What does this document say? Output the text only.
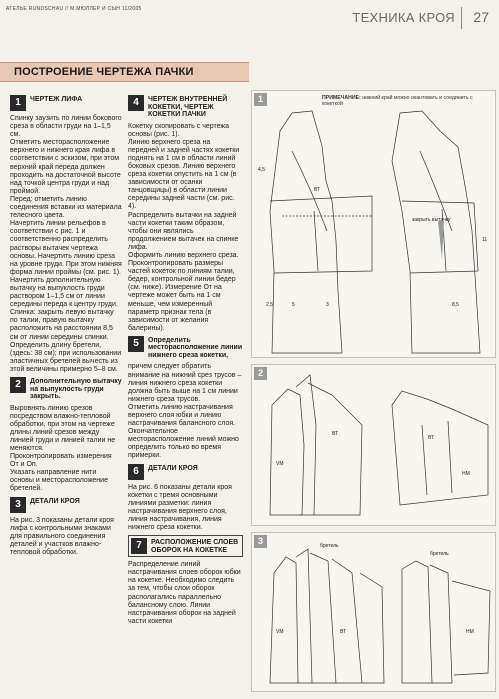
АТЕЛЬЕ RUNDSCHAU // М.МЮЛЛЕР И СЫН 11/2005
ТЕХНИКА КРОЯ 27
ПОСТРОЕНИЕ ЧЕРТЕЖА ПАЧКИ
1	ЧЕРТЕЖ ЛИФА

Спинку заузить по линии бокового среза в области груди на 1–1,5 см.

Отметить месторасположение верхнего и нижнего края лифа в соответствии с эскизом, при этом верхний край переда должен проходить на достаточной высоте над точкой центра груди и над проймой.

Перед: отметить линию соединения вставки из материала телесного цвета.

Начертить линии рельефов в соответствии с рис. 1 и соответственно распределить растворы вытачек чертежа основы. Начертить линию среза на уровне груди. При этом нижняя форма линии проймы (см. рис. 1).

Начертить дополнительную вытачку на выпуклость груди раствором 1–1,5 см от линии середины переда к центру груди.

Спинка: закрыть левую вытачку по талии, правую вытачку расположить на расстоянии 8,5 см от линии середины спинки.

Определить длину бретели, (здесь: 38 см); при использовании эластичных бретелей вычесть из этой величины примерно 5–8 см.

2	Дополнительную вытачку на выпуклость груди закрыть.

Выровнять линию срезов посредством влажно-тепловой обработки, при этом на чертеже длины линий срезов между линией груди и линией талии не меняются.

Проконтролировать измерения От и Оп.

Указать направление нити основы и месторасположение бретелей.

3	ДЕТАЛИ КРОЯ

На рис. 3 показаны детали кроя лифа с контрольными знаками для правильного соединения деталей и участков влажно-тепловой обработки.

4	ЧЕРТЕЖ ВНУТРЕННЕЙ КОКЕТКИ, ЧЕРТЕЖ КОКЕТКИ ПАЧКИ

Кокетку скопировать с чертежа основы (рис. 1).

Линию верхнего среза на передней и задней частях кокетки поднять на 1 см в области линий боковых срезов. Линию верхнего среза кокетки опустить на 1 см (в зависимости от осанки танцовщицы) в области линии середины задней части (см. рис. 4).

Распределить вытачки на задней части кокетки таким образом, чтобы они являлись продолжением вытачек на спинке лифа.

Оформить линию верхнего среза.

Проконтролировать размеры частей кокеток по линиям талии, бедер, контрольной линии бедер (см. ниже). Измерение От на чертеже может быть на 1 см меньше, чем измеренный параметр признак тела (в зависимости от желания балерины).

5	Определить месторасположение линии нижнего среза кокетки,

причем следует обратить внимание на нижний срез трусов – линия нижнего среза кокетки должна быть выше на 1 см линии нижнего среза трусов.

Отметить линию настрачивания верхнего слоя юбки и линию настрачивания балансного слоя. Окончательное месторасположение линий можно определить только во время примерки.

6	ДЕТАЛИ КРОЯ

На рис. 6 показаны детали кроя кокетки с тремя основными линиями разметки: линия настрачивания верхнего слоя, линия настрачивания, линия нижнего среза кокетки.

7	РАСПОЛОЖЕНИЕ СЛОЕВ ОБОРОК НА КОКЕТКЕ

Распределение линий настрачивания слоев оборок юбки на кокетке. Необходимо следить за тем, чтобы слои оборок располагались параллельно балансному слою. Линии настрачивания оборок на задней части кокетки

4,5
ВТ
закрыть вытачку
2,5	8,5
11
5	3
1	ПРИМЕЧАНИЕ: нижний край можно окантовать и соединить с кокеткой
VM
ВТ
ВТ
HM
2
бретель
бретель
VM	ВТ	HM
3
